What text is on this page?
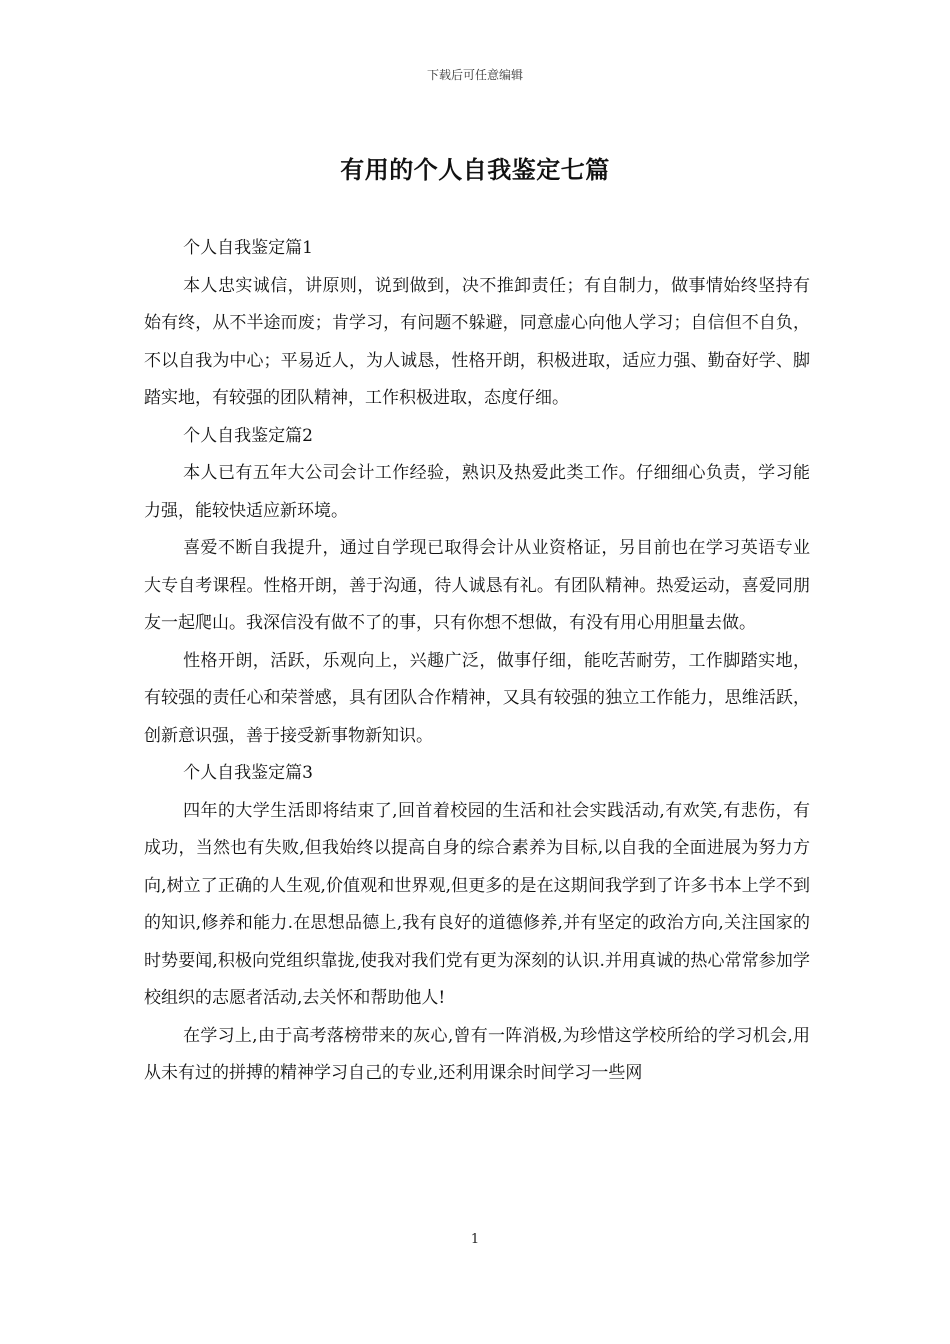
下载后可任意编辑
有用的个人自我鉴定七篇

个人自我鉴定篇1

本人忠实诚信，讲原则，说到做到，决不推卸责任；有自制力，做事情始终坚持有始有终，从不半途而废；肯学习，有问题不躲避，同意虚心向他人学习；自信但不自负，不以自我为中心；平易近人，为人诚恳，性格开朗，积极进取，适应力强、勤奋好学、脚踏实地，有较强的团队精神，工作积极进取，态度仔细。

个人自我鉴定篇2

本人已有五年大公司会计工作经验，熟识及热爱此类工作。仔细细心负责，学习能力强，能较快适应新环境。

喜爱不断自我提升，通过自学现已取得会计从业资格证，另目前也在学习英语专业大专自考课程。性格开朗，善于沟通，待人诚恳有礼。有团队精神。热爱运动，喜爱同朋友一起爬山。我深信没有做不了的事，只有你想不想做，有没有用心用胆量去做。

性格开朗，活跃，乐观向上，兴趣广泛，做事仔细，能吃苦耐劳，工作脚踏实地，有较强的责任心和荣誉感，具有团队合作精神，又具有较强的独立工作能力，思维活跃，创新意识强，善于接受新事物新知识。

个人自我鉴定篇3

四年的大学生活即将结束了,回首着校园的生活和社会实践活动,有欢笑,有悲伤，有成功，当然也有失败,但我始终以提高自身的综合素养为目标,以自我的全面进展为努力方向,树立了正确的人生观,价值观和世界观,但更多的是在这期间我学到了许多书本上学不到的知识,修养和能力.在思想品德上,我有良好的道德修养,并有坚定的政治方向,关注国家的时势要闻,积极向党组织靠拢,使我对我们党有更为深刻的认识.并用真诚的热心常常参加学校组织的志愿者活动,去关怀和帮助他人!

在学习上,由于高考落榜带来的灰心,曾有一阵消极,为珍惜这学校所给的学习机会,用从未有过的拼搏的精神学习自己的专业,还利用课余时间学习一些网

1
